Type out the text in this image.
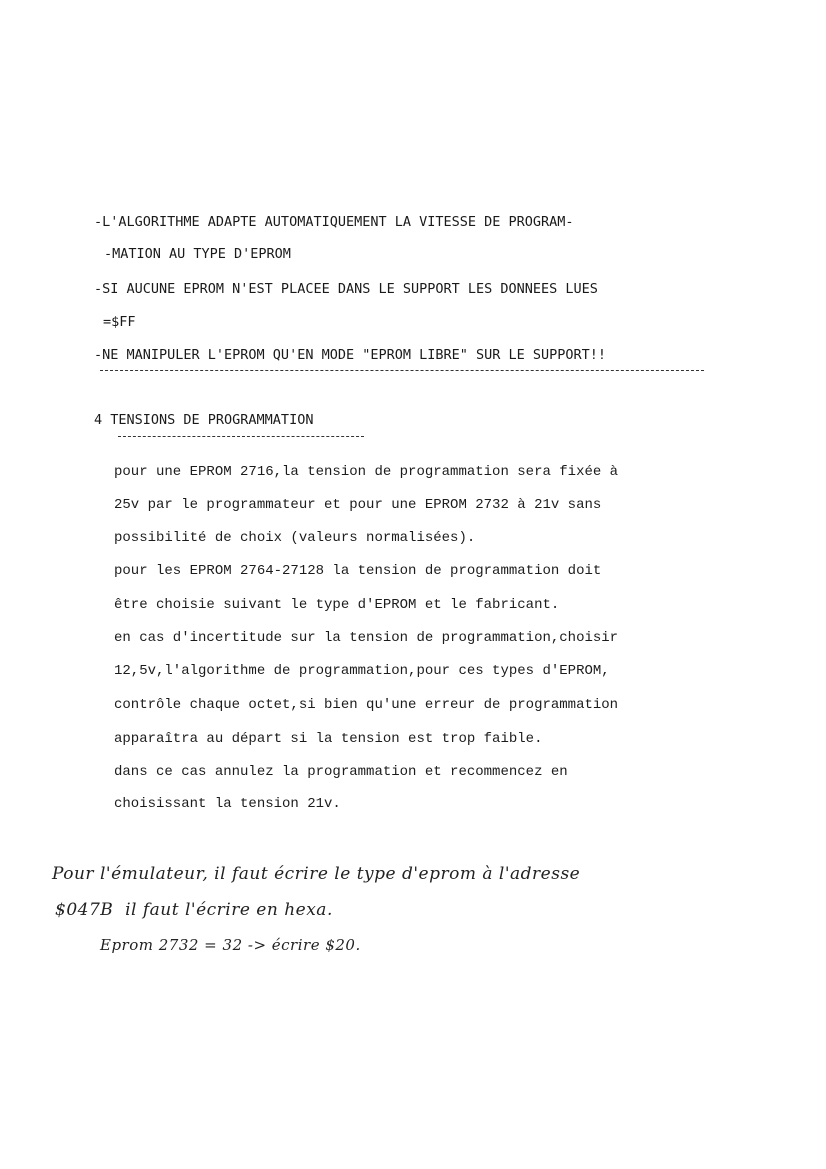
-L'ALGORITHME ADAPTE AUTOMATIQUEMENT LA VITESSE DE PROGRAM-
-MATION AU TYPE D'EPROM
-SI AUCUNE EPROM N'EST PLACEE DANS LE SUPPORT LES DONNEES LUES
=$FF
-NE MANIPULER L'EPROM QU'EN MODE "EPROM LIBRE" SUR LE SUPPORT!!
4 TENSIONS DE PROGRAMMATION
pour une EPROM 2716,la tension de programmation sera fixée à
25v par le programmateur et pour une EPROM 2732 à 21v sans
possibilité de choix (valeurs normalisées).
pour les EPROM 2764-27128 la tension de programmation doit
être choisie suivant le type d'EPROM et le fabricant.
en cas d'incertitude sur la tension de programmation,choisir
12,5v,l'algorithme de programmation,pour ces types d'EPROM,
contrôle chaque octet,si bien qu'une erreur de programmation
apparaîtra au départ si la tension est trop faible.
dans ce cas annulez la programmation et recommencez en
choisissant la tension 21v.
Pour l'émulateur, il faut écrire le type d'eprom à l'adresse
$047B  il faut l'écrire en hexa.
Eprom 2732 = 32 -> écrire $20.
